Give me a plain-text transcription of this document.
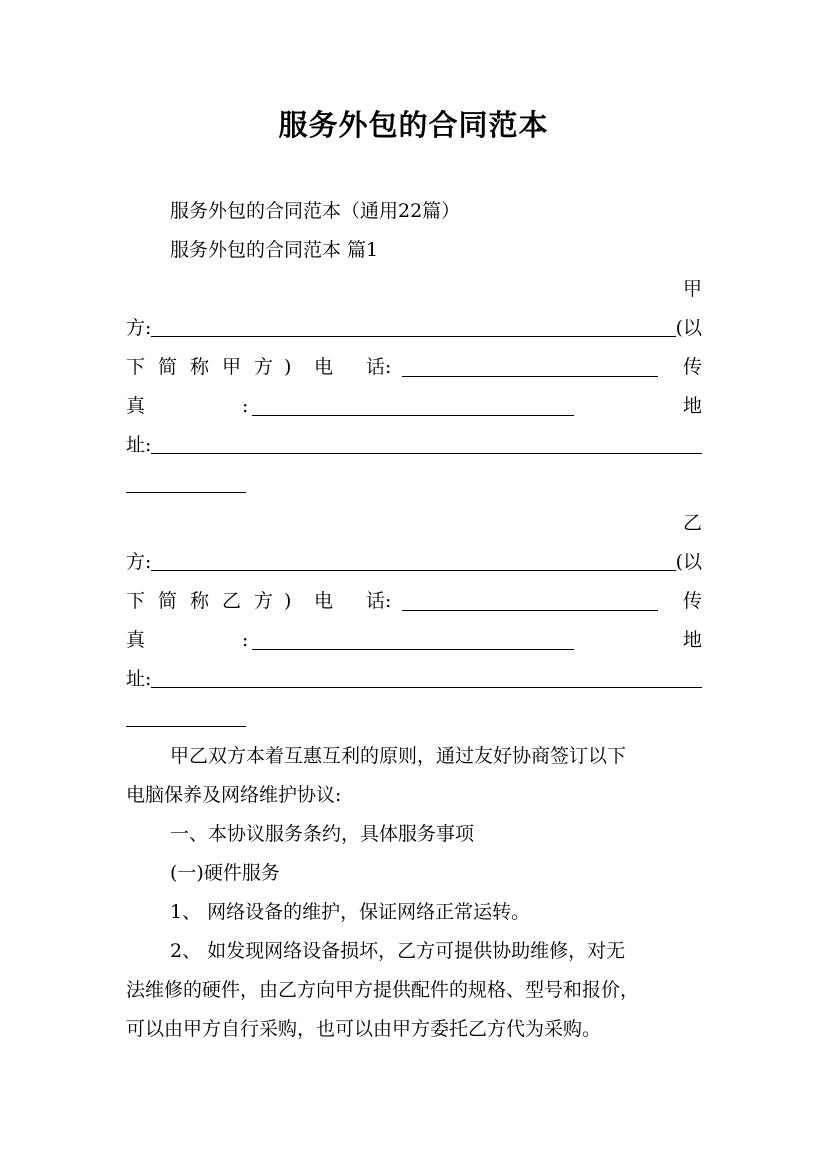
服务外包的合同范本
服务外包的合同范本（通用22篇）
服务外包的合同范本 篇1
甲
方:	(以
下 简 称 甲 方 ) 电 话:	传
真	:	地
址:
乙
方:	(以
下 简 称 乙 方 ) 电 话:	传
真	:	地
址:
甲乙双方本着互惠互利的原则，通过友好协商签订以下
电脑保养及网络维护协议:
一、本协议服务条约，具体服务事项
(一)硬件服务
1、 网络设备的维护，保证网络正常运转。
2、 如发现网络设备损坏，乙方可提供协助维修，对无
法维修的硬件，由乙方向甲方提供配件的规格、型号和报价，
可以由甲方自行采购，也可以由甲方委托乙方代为采购。
